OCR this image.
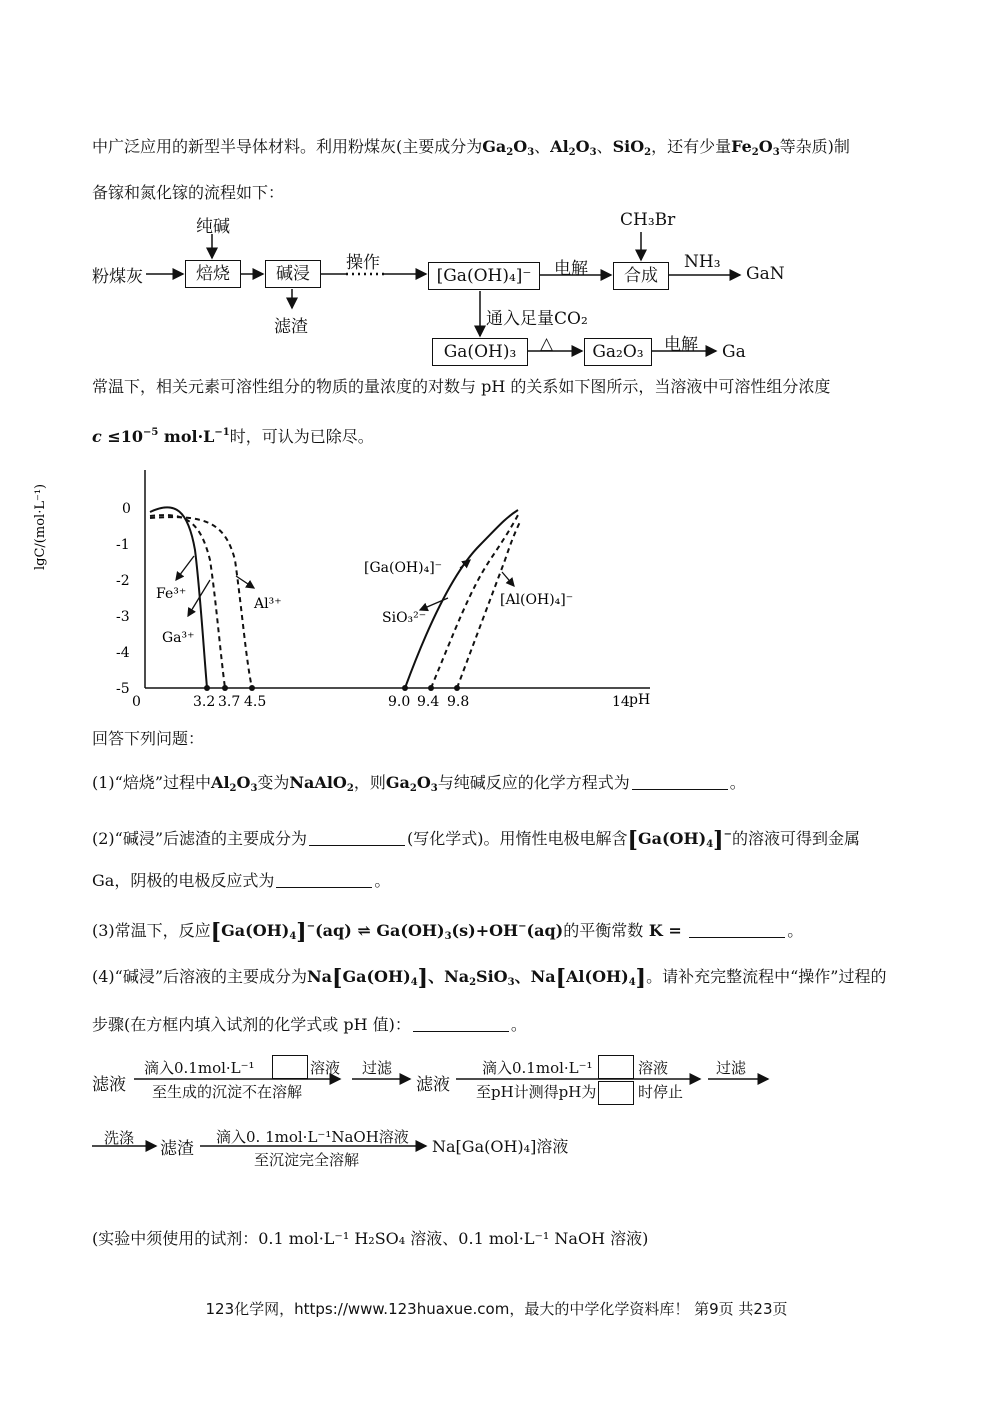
中广泛应用的新型半导体材料。利用粉煤灰(主要成分为$Ga_2O_3$、$Al_2O_3$、SiO$_2$，还有少量$Fe_2O_3$等杂质)制
备镓和氮化镓的流程如下：
粉煤灰
纯碱
焙烧	碱浸
滤渣
操作
[Ga(OH)₄]⁻	电解	合成
CH₃Br
NH₃
GaN
通入足量CO₂
Ga(OH)₃	△	Ga₂O₃	电解 Ga
常温下，相关元素可溶性组分的物质的量浓度的对数与 pH 的关系如下图所示，当溶液中可溶性组分浓度
$c \le 10^{-5}$ $mol\cdot L^{-1}$时，可认为已除尽。
lgC/(mol·L⁻¹)	0
-1
-2
-3
-4
-5
0	3.2 3.7 4.5	9.0 9.4 9.8	14 pH
Fe³⁺
Ga³⁺
Al³⁺
[Ga(OH)₄]⁻
SiO₃²⁻
[Al(OH)₄]⁻
回答下列问题：
(1)“焙烧”过程中$Al_2O_3$变为NaAlO$_2$，则$Ga_2O_3$与纯碱反应的化学方程式为	。
(2)“碱浸”后滤渣的主要成分为	(写化学式)。用惰性电极电解含$[Ga(OH)_4]^-$的溶液可得到金属
Ga，阴极的电极反应式为	。
(3)常温下，反应$[Ga(OH)_4]^-(aq)$ ⇌ $Ga(OH)_3(s)+OH^-(aq)$的平衡常数 K =	。
(4)“碱浸”后溶液的主要成分为$Na[Ga(OH)_4]$、$Na_2SiO_3$、$Na[Al(OH)_4]$。请补充完整流程中“操作”过程的
步骤(在方框内填入试剂的化学式或 pH 值)：	。
滤液
滴入0.1mol·L⁻¹	溶液
至生成的沉淀不在溶解
过滤
滤液
滴入0.1mol·L⁻¹	溶液
至pH计测得pH为	时停止
过滤
洗涤
滤渣
滴入0. 1mol·L⁻¹NaOH溶液
至沉淀完全溶解
Na[Ga(OH)₄]溶液
(实验中须使用的试剂：0.1 mol·L⁻¹ H₂SO₄ 溶液、0.1 mol·L⁻¹ NaOH 溶液)
123化学网，https://www.123huaxue.com，最大的中学化学资料库！ 第9页 共23页
